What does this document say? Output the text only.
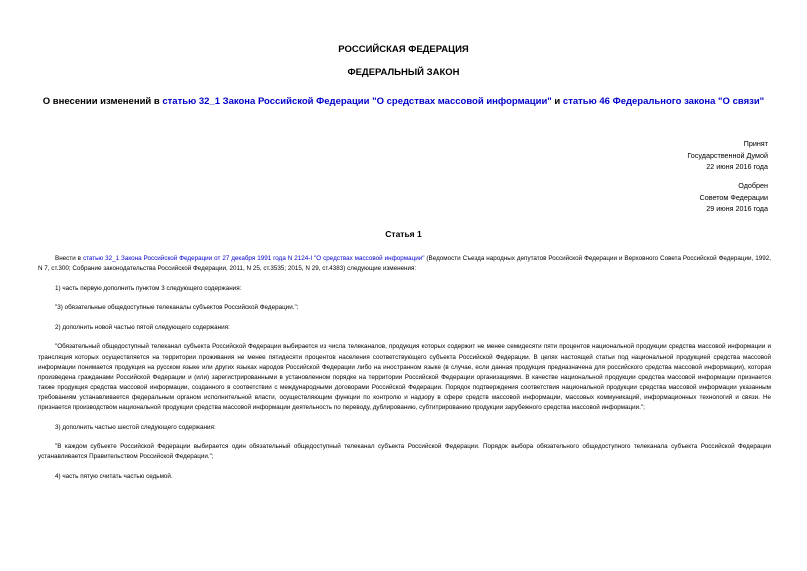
РОССИЙСКАЯ ФЕДЕРАЦИЯ
ФЕДЕРАЛЬНЫЙ ЗАКОН
О внесении изменений в статью 32_1 Закона Российской Федерации "О средствах массовой информации" и статью 46 Федерального закона "О связи"
Принят
Государственной Думой
22 июня 2016 года
Одобрен
Советом Федерации
29 июня 2016 года
Статья 1

Внести в статью 32_1 Закона Российской Федерации от 27 декабря 1991 года N 2124-I "О средствах массовой информации" (Ведомости Съезда народных депутатов Российской Федерации и Верховного Совета Российской Федерации, 1992, N 7, ст.300; Собрание законодательства Российской Федерации, 2011, N 25, ст.3535; 2015, N 29, ст.4383) следующие изменения:

1) часть первую дополнить пунктом 3 следующего содержания:

"3) обязательные общедоступные телеканалы субъектов Российской Федерации.";

2) дополнить новой частью пятой следующего содержания:

"Обязательный общедоступный телеканал субъекта Российской Федерации выбирается из числа телеканалов, продукция которых содержит не менее семидесяти пяти процентов национальной продукции средства массовой информации и трансляция которых осуществляется на территории проживания не менее пятидесяти процентов населения соответствующего субъекта Российской Федерации. В целях настоящей статьи под национальной продукцией средства массовой информации понимается продукция на русском языке или других языках народов Российской Федерации либо на иностранном языке (в случае, если данная продукция предназначена для российского средства массовой информации), которая произведена гражданами Российской Федерации и (или) зарегистрированными в установленном порядке на территории Российской Федерации организациями. В качестве национальной продукции средства массовой информации признается также продукция средства массовой информации, созданного в соответствии с международными договорами Российской Федерации. Порядок подтверждения соответствия национальной продукции средства массовой информации указанным требованиям устанавливается федеральным органом исполнительной власти, осуществляющим функции по контролю и надзору в сфере средств массовой информации, массовых коммуникаций, информационных технологий и связи. Не признается производством национальной продукции средства массовой информации деятельность по переводу, дублированию, субтитрированию продукции зарубежного средства массовой информации.";

3) дополнить частью шестой следующего содержания:

"В каждом субъекте Российской Федерации выбирается один обязательный общедоступный телеканал субъекта Российской Федерации. Порядок выбора обязательного общедоступного телеканала субъекта Российской Федерации устанавливается Правительством Российской Федерации.";

4) часть пятую считать частью седьмой.
